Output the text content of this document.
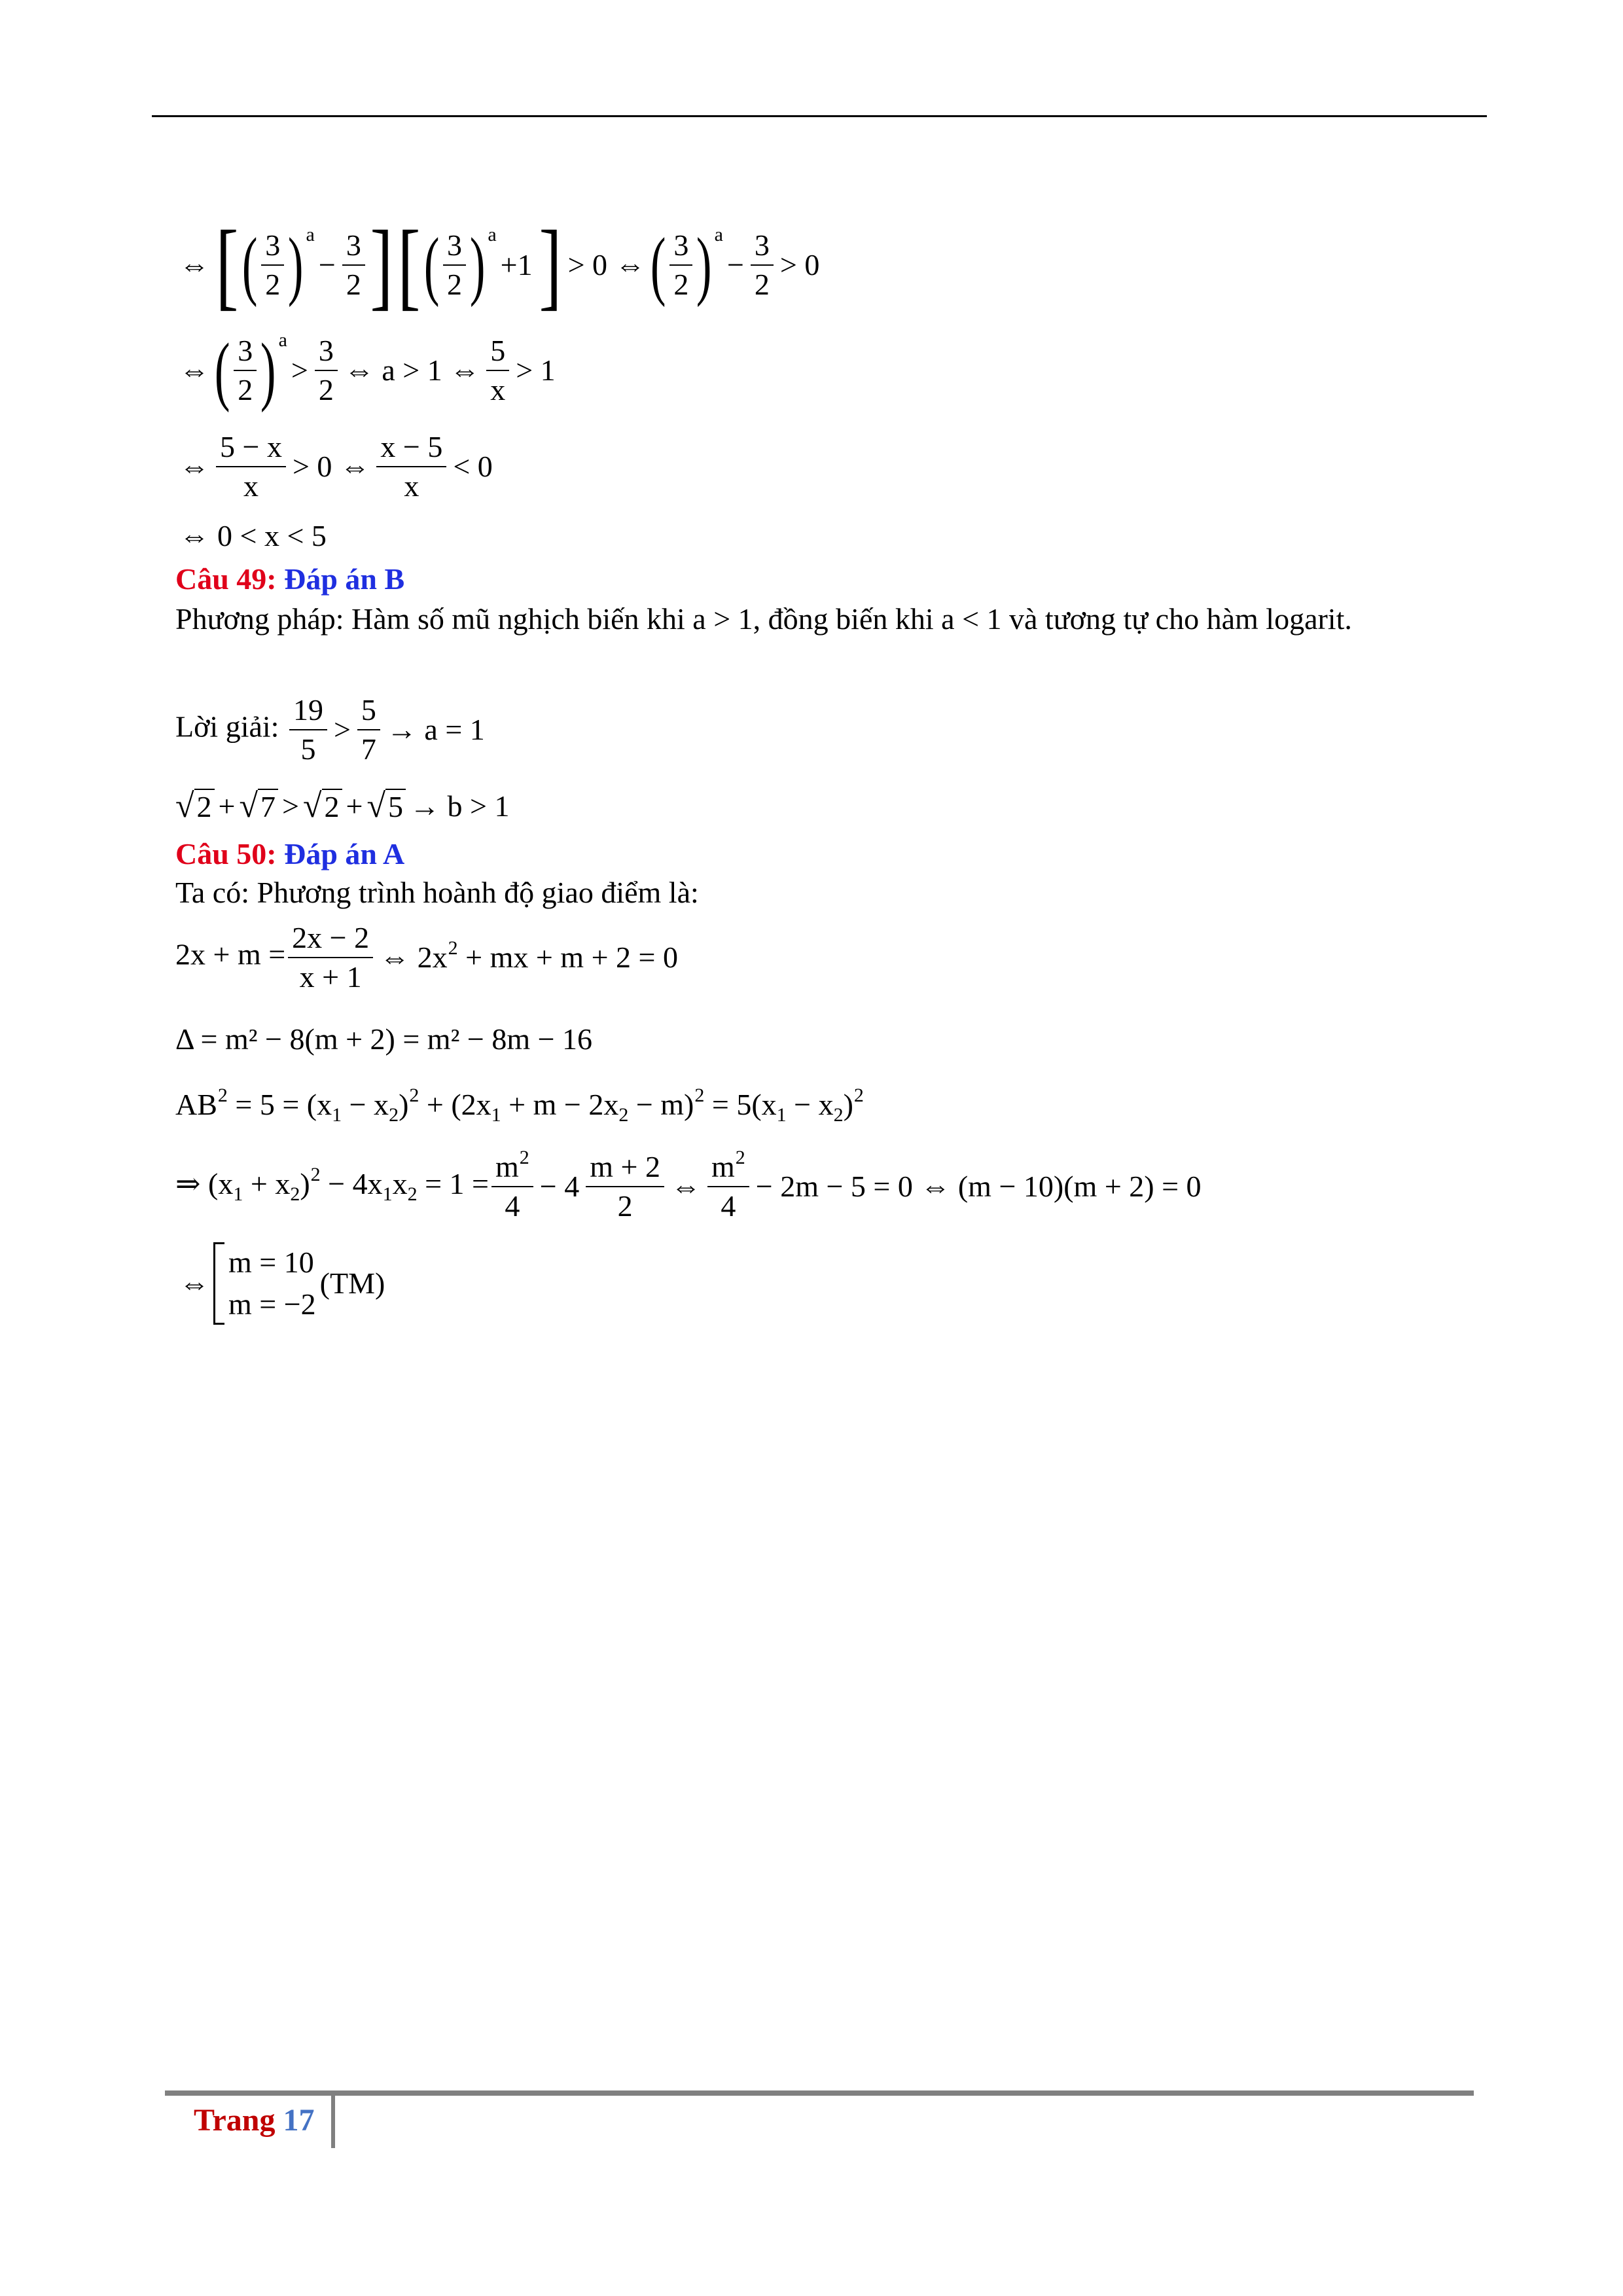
⇔[( $\frac{3}{2}$ ) $^a- \frac{3}{2}$ ][( $\frac{3}{2}$ ) $^a$+1] > 0 ⇔( $\frac{3}{2}$ ) $^a- \frac{3}{2} > 0$
⇔( $\frac{3}{2}$ ) $^a> \frac{3}{2}$ ⇔ a > 1 ⇔ $\frac{5}{x} > 1$
⇔ $\frac{5 - x}{x} > 0$ ⇔ $\frac{x - 5}{x} < 0$
⇔ 0 < x < 5
Câu 49: Đáp án B
Phương pháp: Hàm số mũ nghịch biến khi a > 1, đồng biến khi a < 1 và tương tự cho hàm logarit.
Lời giải: $\frac{19}{5} > \frac{5}{7} \to a = 1$
√2 + √7 > √2 + √5 → b > 1
Câu 50: Đáp án A
Ta có: Phương trình hoành độ giao điểm là:
$2x + m = \frac{2x - 2}{x + 1}$ ⇔ $2x^2$ + mx + m + 2 = 0
Δ = m² − 8(m + 2) = m² − 8m − 16
$AB^2 = 5 = (x_1 - x_2)^2 + (2x_1 + m - 2x_2 - m)^2 = 5(x_1 - x_2)^2$
⇒ $(x_1 + x_2)^2 - 4x_1x_2 = 1 = \frac{m^2}{4} - 4 \frac{m + 2}{2}$ ⇔ $\frac{m^2}{4} - 2m - 5 = 0$ ⇔ (m − 10)(m + 2) = 0
⇔
m = 10
m = −2
(TM)
Trang 17
